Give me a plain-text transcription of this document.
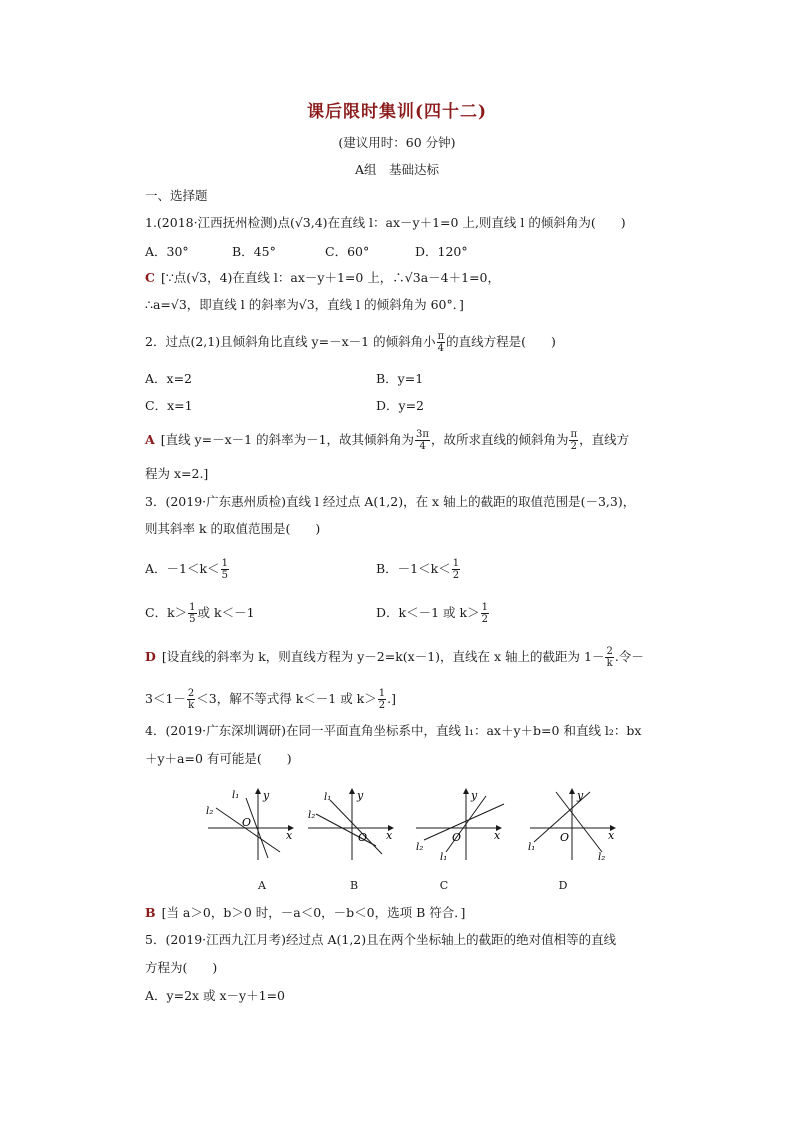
课后限时集训(四十二)
(建议用时：60 分钟)
A组　基础达标
一、选择题
1.(2018·江西抚州检测)点(√3,4)在直线 l：ax－y＋1=0 上,则直线 l 的倾斜角为(　　)
A．30°	B．45°	C．60°	D．120°
C [∵点(√3，4)在直线 l：ax－y＋1=0 上，∴√3a－4＋1=0，
∴a=√3，即直线 l 的斜率为√3，直线 l 的倾斜角为 60°．]
2．过点(2,1)且倾斜角比直线 y=－x－1 的倾斜角小 $\frac{\pi}{4}$ 的直线方程是(　　)
A．x=2	B．y=1
C．x=1	D．y=2
A [直线 y=－x－1 的斜率为－1，故其倾斜角为 $\frac{3\pi}{4}$ ，故所求直线的倾斜角为 $\frac{\pi}{2}$ ，直线方
程为 x=2.]
3．(2019·广东惠州质检)直线 l 经过点 A(1,2)，在 x 轴上的截距的取值范围是(－3,3)，
则其斜率 k 的取值范围是(　　)
A．$-1<k< \frac{1}{5}$	B．$-1<k< \frac{1}{2}$
C．$k> \frac{1}{5}$ 或 k＜－1	D．k＜－1 或 $k> \frac{1}{2}$
D [设直线的斜率为 k，则直线方程为 y－2=k(x－1)，直线在 x 轴上的截距为 $1- \frac{2}{k}$ .令－
$3<1- \frac{2}{k} <3$，解不等式得 k＜－1 或 $k> \frac{1}{2}$ .]
4．(2019·广东深圳调研)在同一平面直角坐标系中，直线 l₁：ax＋y＋b=0 和直线 l₂：bx
＋y＋a=0 有可能是(　　)
y
x
O
l₁
l₂
A
y
x
O
l₁
l₂
B
y
x
O
l₁
l₂
C
y
x
O
l₁
l₂
D
B [当 a＞0，b＞0 时，－a＜0，－b＜0，选项 B 符合．]
5．(2019·江西九江月考)经过点 A(1,2)且在两个坐标轴上的截距的绝对值相等的直线
方程为(　　)
A．y=2x 或 x－y＋1=0
